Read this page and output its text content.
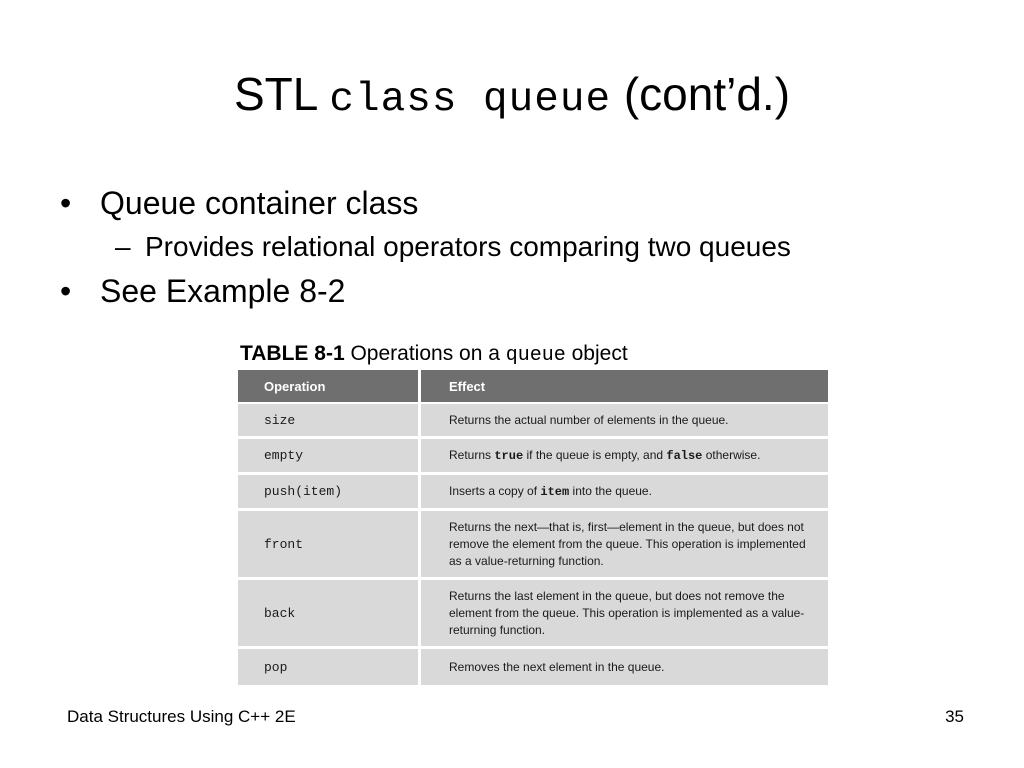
STL class queue (cont’d.)
• Queue container class
– Provides relational operators comparing two queues
• See Example 8-2
TABLE 8-1 Operations on a queue object
Operation	Effect
size	Returns the actual number of elements in the queue.
empty	Returns true if the queue is empty, and false otherwise.
push(item)	Inserts a copy of item into the queue.
front	Returns the next—that is, first—element in the queue, but does not remove the element from the queue. This operation is implemented as a value-returning function.
back	Returns the last element in the queue, but does not remove the element from the queue. This operation is implemented as a value-returning function.
pop	Removes the next element in the queue.
Data Structures Using C++ 2E	35
